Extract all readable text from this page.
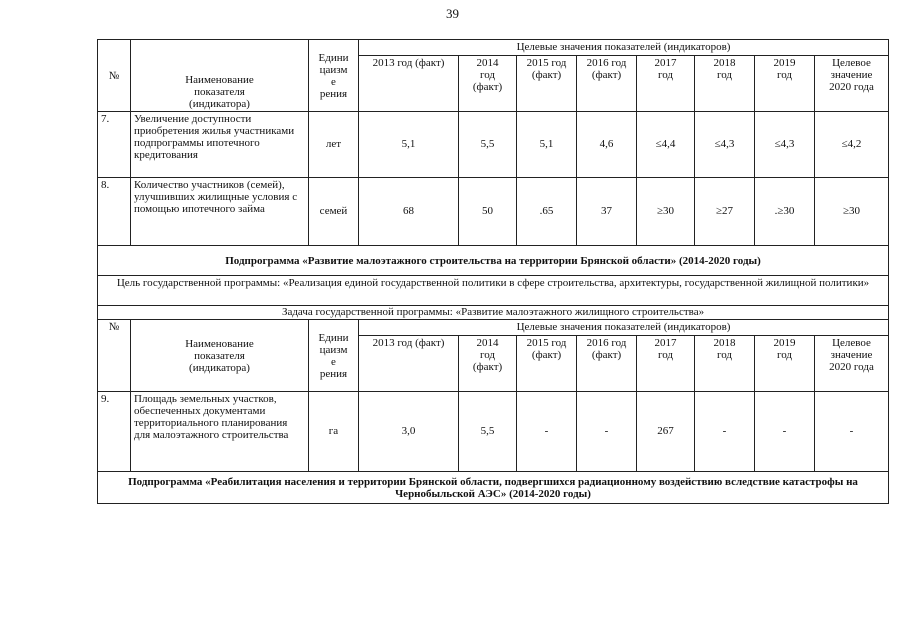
39
№	Наименование
показателя
(индикатора)	Едини
цаизм
е
рения	Целевые значения показателей (индикаторов)							
			2013 год (факт)	2014
год
(факт)	2015 год
(факт)	2016 год
(факт)	2017
год	2018
год	2019
год	Целевое
значение
2020 года
7.	Увеличение доступности приобретения жилья участниками подпрограммы ипотечного кредитования	лет	5,1	5,5	5,1	4,6	≤4,4	≤4,3	≤4,3	≤4,2
8.	Количество участников (семей), улучшивших жилищные условия с помощью ипотечного займа	семей	68	50	.65	37	≥30	≥27	.≥30	≥30
Подпрограмма «Развитие малоэтажного строительства на территории Брянской области» (2014-2020 годы)										
Цель государственной программы: «Реализация единой государственной политики в сфере строительства, архитектуры, государственной жилищной политики»										
Задача государственной программы: «Развитие малоэтажного жилищного строительства»										
№	Наименование
показателя
(индикатора)	Едини
цаизм
е
рения	Целевые значения показателей (индикаторов)							
			2013 год (факт)	2014
год
(факт)	2015 год
(факт)	2016 год
(факт)	2017
год	2018
год	2019
год	Целевое
значение
2020 года
9.	Площадь земельных участков, обеспеченных документами территориального планирования для малоэтажного строительства	га	3,0	5,5	-	-	267	-	-	-
Подпрограмма «Реабилитация населения и территории Брянской области, подвергшихся радиационному воздействию вследствие катастрофы на Чернобыльской АЭС» (2014-2020 годы)										
